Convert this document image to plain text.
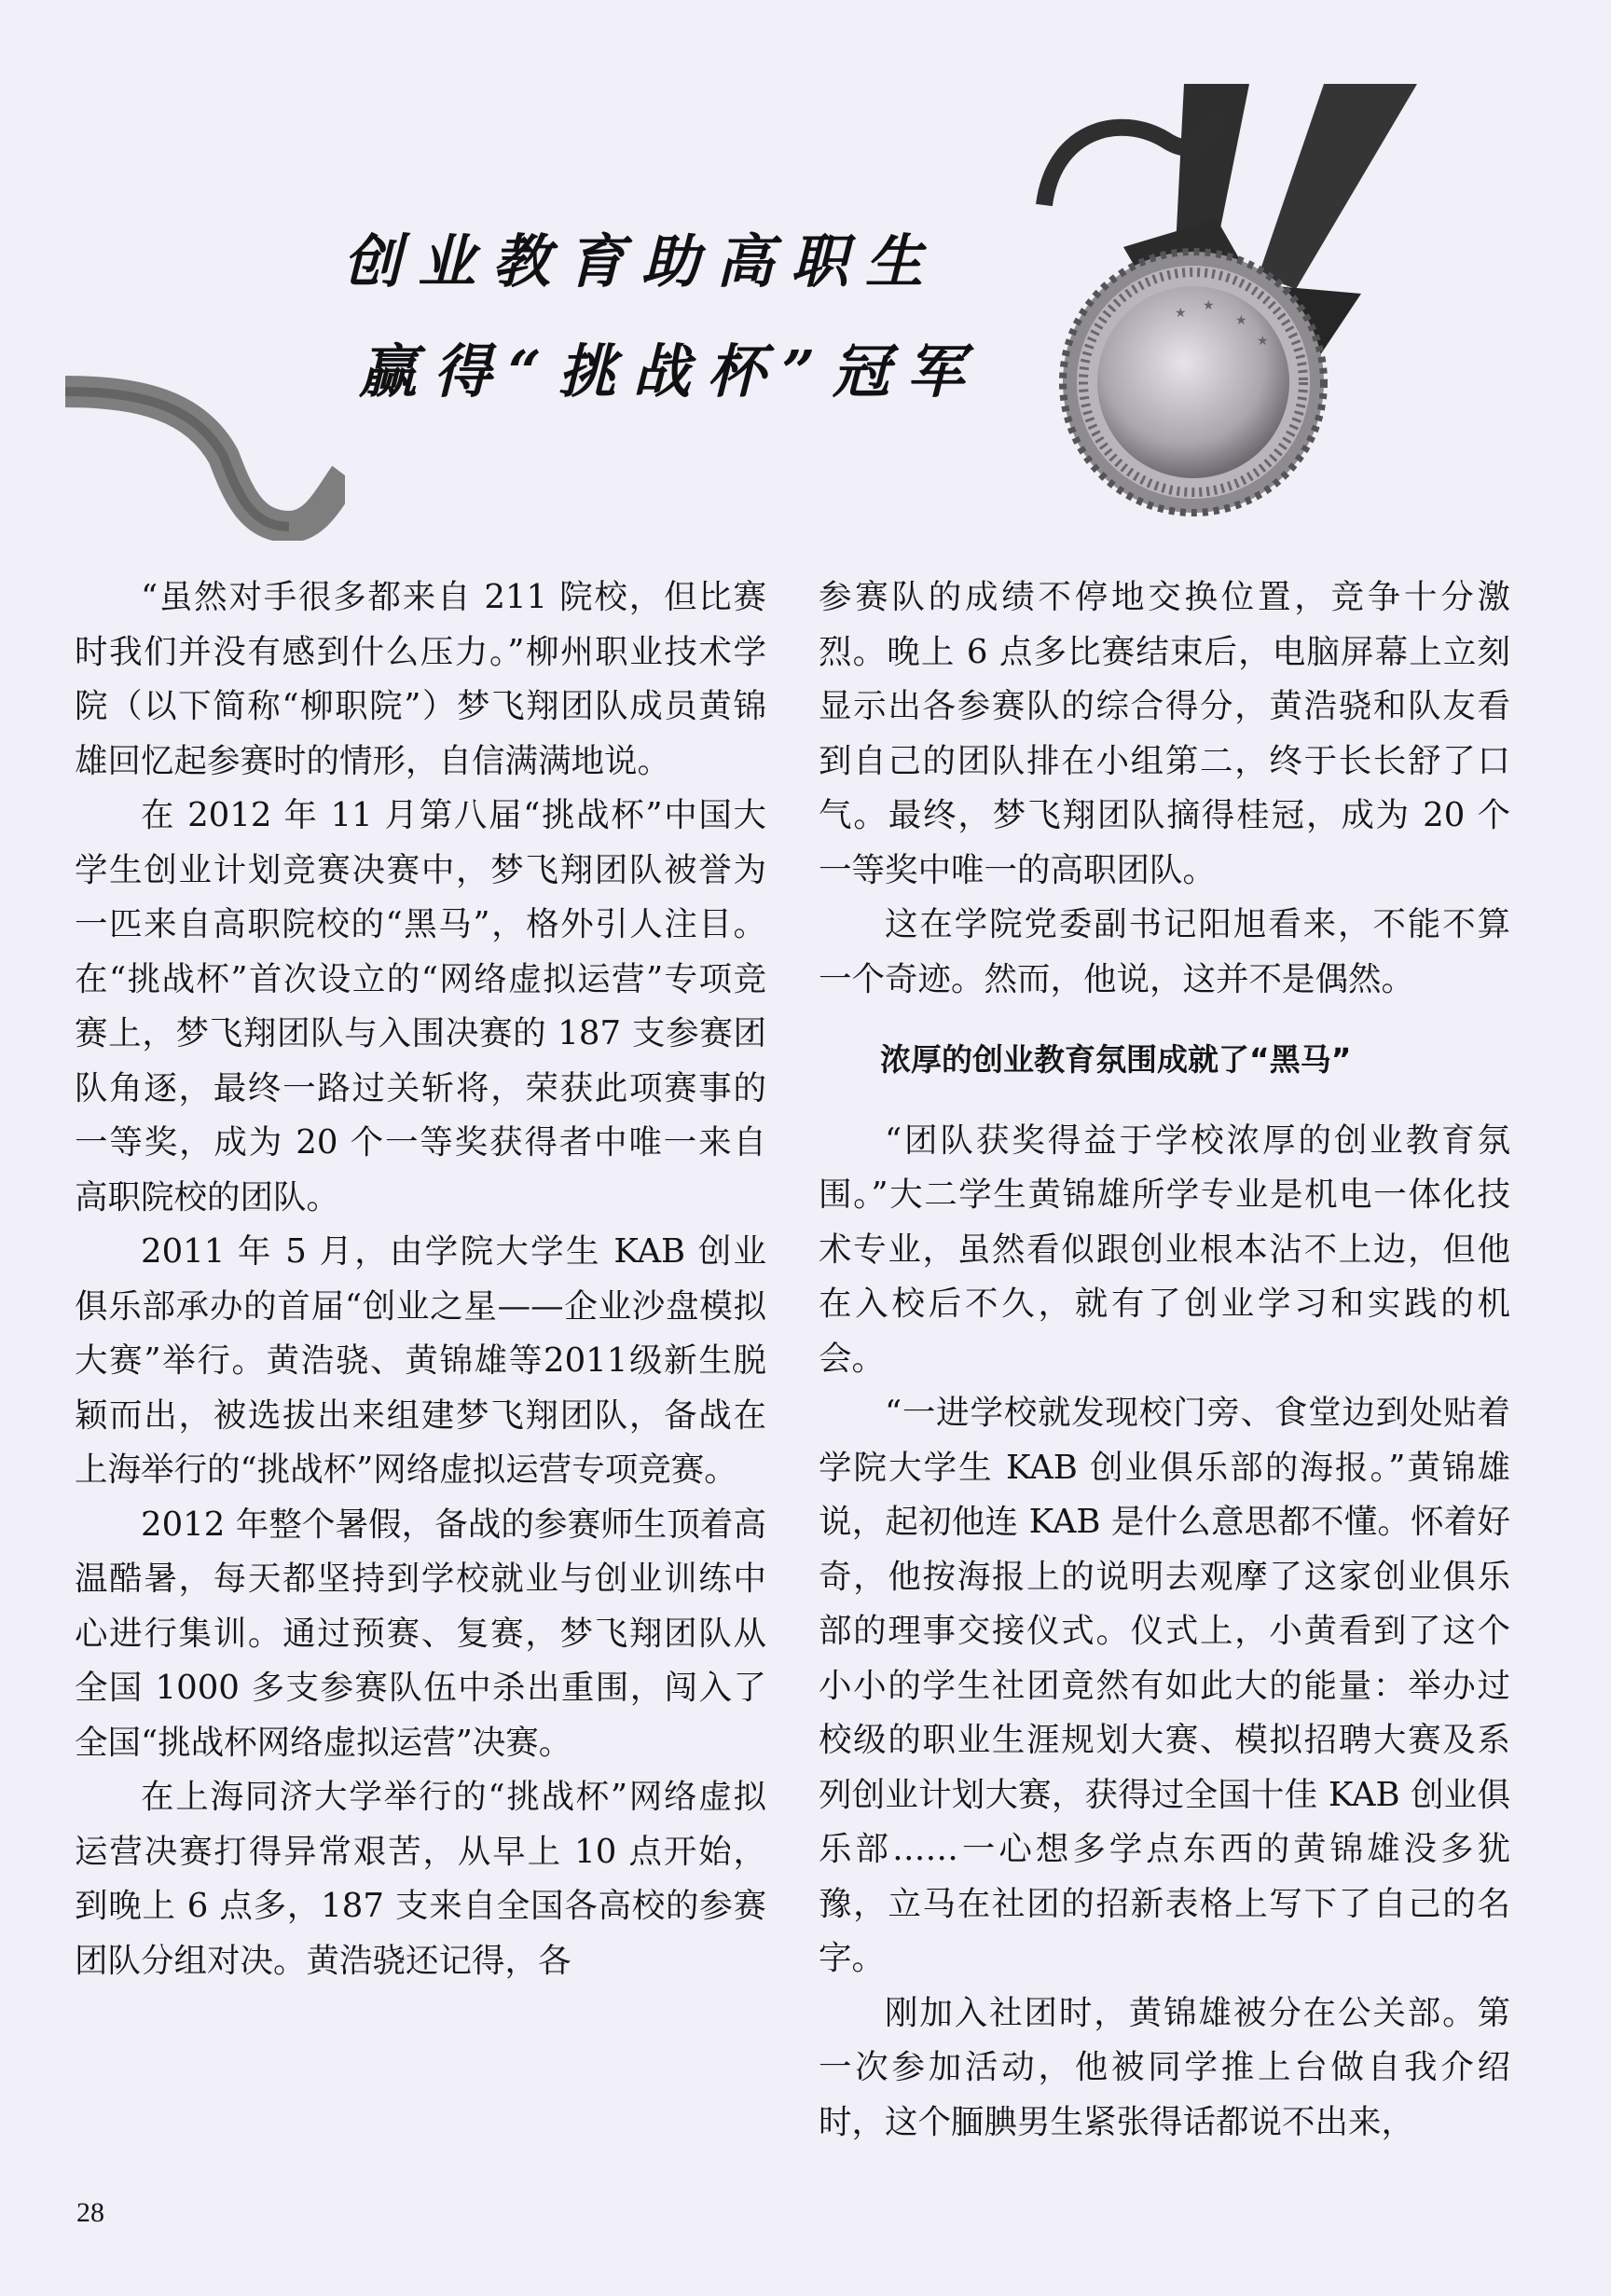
★ ★
★
★
创业教育助高职生
赢得“挑战杯”冠军

“虽然对手很多都来自 211 院校，但比赛时我们并没有感到什么压力。”柳州职业技术学院（以下简称“柳职院”）梦飞翔团队成员黄锦雄回忆起参赛时的情形，自信满满地说。

在 2012 年 11 月第八届“挑战杯”中国大学生创业计划竞赛决赛中，梦飞翔团队被誉为一匹来自高职院校的“黑马”，格外引人注目。在“挑战杯”首次设立的“网络虚拟运营”专项竞赛上，梦飞翔团队与入围决赛的 187 支参赛团队角逐，最终一路过关斩将，荣获此项赛事的一等奖，成为 20 个一等奖获得者中唯一来自高职院校的团队。

2011 年 5 月，由学院大学生 KAB 创业俱乐部承办的首届“创业之星——企业沙盘模拟大赛”举行。黄浩骁、黄锦雄等2011级新生脱颖而出，被选拔出来组建梦飞翔团队，备战在上海举行的“挑战杯”网络虚拟运营专项竞赛。

2012 年整个暑假，备战的参赛师生顶着高温酷暑，每天都坚持到学校就业与创业训练中心进行集训。通过预赛、复赛，梦飞翔团队从全国 1000 多支参赛队伍中杀出重围，闯入了全国“挑战杯网络虚拟运营”决赛。

在上海同济大学举行的“挑战杯”网络虚拟运营决赛打得异常艰苦，从早上 10 点开始，到晚上 6 点多，187 支来自全国各高校的参赛团队分组对决。黄浩骁还记得，各

参赛队的成绩不停地交换位置，竞争十分激烈。晚上 6 点多比赛结束后，电脑屏幕上立刻显示出各参赛队的综合得分，黄浩骁和队友看到自己的团队排在小组第二，终于长长舒了口气。最终，梦飞翔团队摘得桂冠，成为 20 个一等奖中唯一的高职团队。

这在学院党委副书记阳旭看来，不能不算一个奇迹。然而，他说，这并不是偶然。

浓厚的创业教育氛围成就了“黑马”

“团队获奖得益于学校浓厚的创业教育氛围。”大二学生黄锦雄所学专业是机电一体化技术专业，虽然看似跟创业根本沾不上边，但他在入校后不久，就有了创业学习和实践的机会。

“一进学校就发现校门旁、食堂边到处贴着学院大学生 KAB 创业俱乐部的海报。”黄锦雄说，起初他连 KAB 是什么意思都不懂。怀着好奇，他按海报上的说明去观摩了这家创业俱乐部的理事交接仪式。仪式上，小黄看到了这个小小的学生社团竟然有如此大的能量：举办过校级的职业生涯规划大赛、模拟招聘大赛及系列创业计划大赛，获得过全国十佳 KAB 创业俱乐部……一心想多学点东西的黄锦雄没多犹豫，立马在社团的招新表格上写下了自己的名字。

刚加入社团时，黄锦雄被分在公关部。第一次参加活动，他被同学推上台做自我介绍时，这个腼腆男生紧张得话都说不出来，

28
